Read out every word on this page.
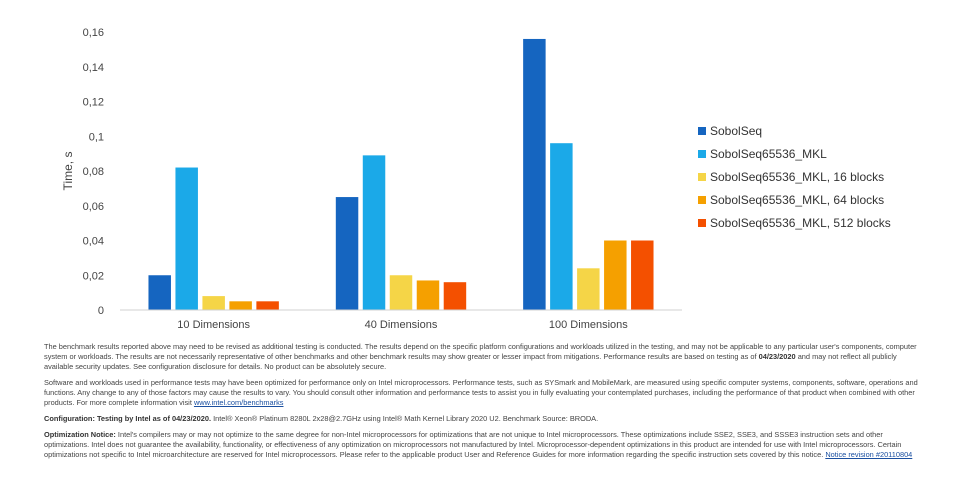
0
0,02
0,04
0,06
0,08
0,1
0,12
0,14
0,16
10 Dimensions	40 Dimensions	100 Dimensions
SobolSeq
SobolSeq65536_MKL
SobolSeq65536_MKL, 16 blocks
SobolSeq65536_MKL, 64 blocks
SobolSeq65536_MKL, 512 blocks
Time, s

The benchmark results reported above may need to be revised as additional testing is conducted. The results depend on the specific platform configurations and workloads utilized in the testing, and may not be applicable to any particular user's components, computer system or workloads. The results are not necessarily representative of other benchmarks and other benchmark results may show greater or lesser impact from mitigations. Performance results are based on testing as of 04/23/2020 and may not reflect all publicly available security updates. See configuration disclosure for details. No product can be absolutely secure.

Software and workloads used in performance tests may have been optimized for performance only on Intel microprocessors. Performance tests, such as SYSmark and MobileMark, are measured using specific computer systems, components, software, operations and functions. Any change to any of those factors may cause the results to vary. You should consult other information and performance tests to assist you in fully evaluating your contemplated purchases, including the performance of that product when combined with other products. For more complete information visit www.intel.com/benchmarks

Configuration: Testing by Intel as of 04/23/2020. Intel® Xeon® Platinum 8280L 2x28@2.7GHz using Intel® Math Kernel Library 2020 U2. Benchmark Source: BRODA.

Optimization Notice: Intel's compilers may or may not optimize to the same degree for non-Intel microprocessors for optimizations that are not unique to Intel microprocessors. These optimizations include SSE2, SSE3, and SSSE3 instruction sets and other optimizations. Intel does not guarantee the availability, functionality, or effectiveness of any optimization on microprocessors not manufactured by Intel. Microprocessor-dependent optimizations in this product are intended for use with Intel microprocessors. Certain optimizations not specific to Intel microarchitecture are reserved for Intel microprocessors. Please refer to the applicable product User and Reference Guides for more information regarding the specific instruction sets covered by this notice. Notice revision #20110804
